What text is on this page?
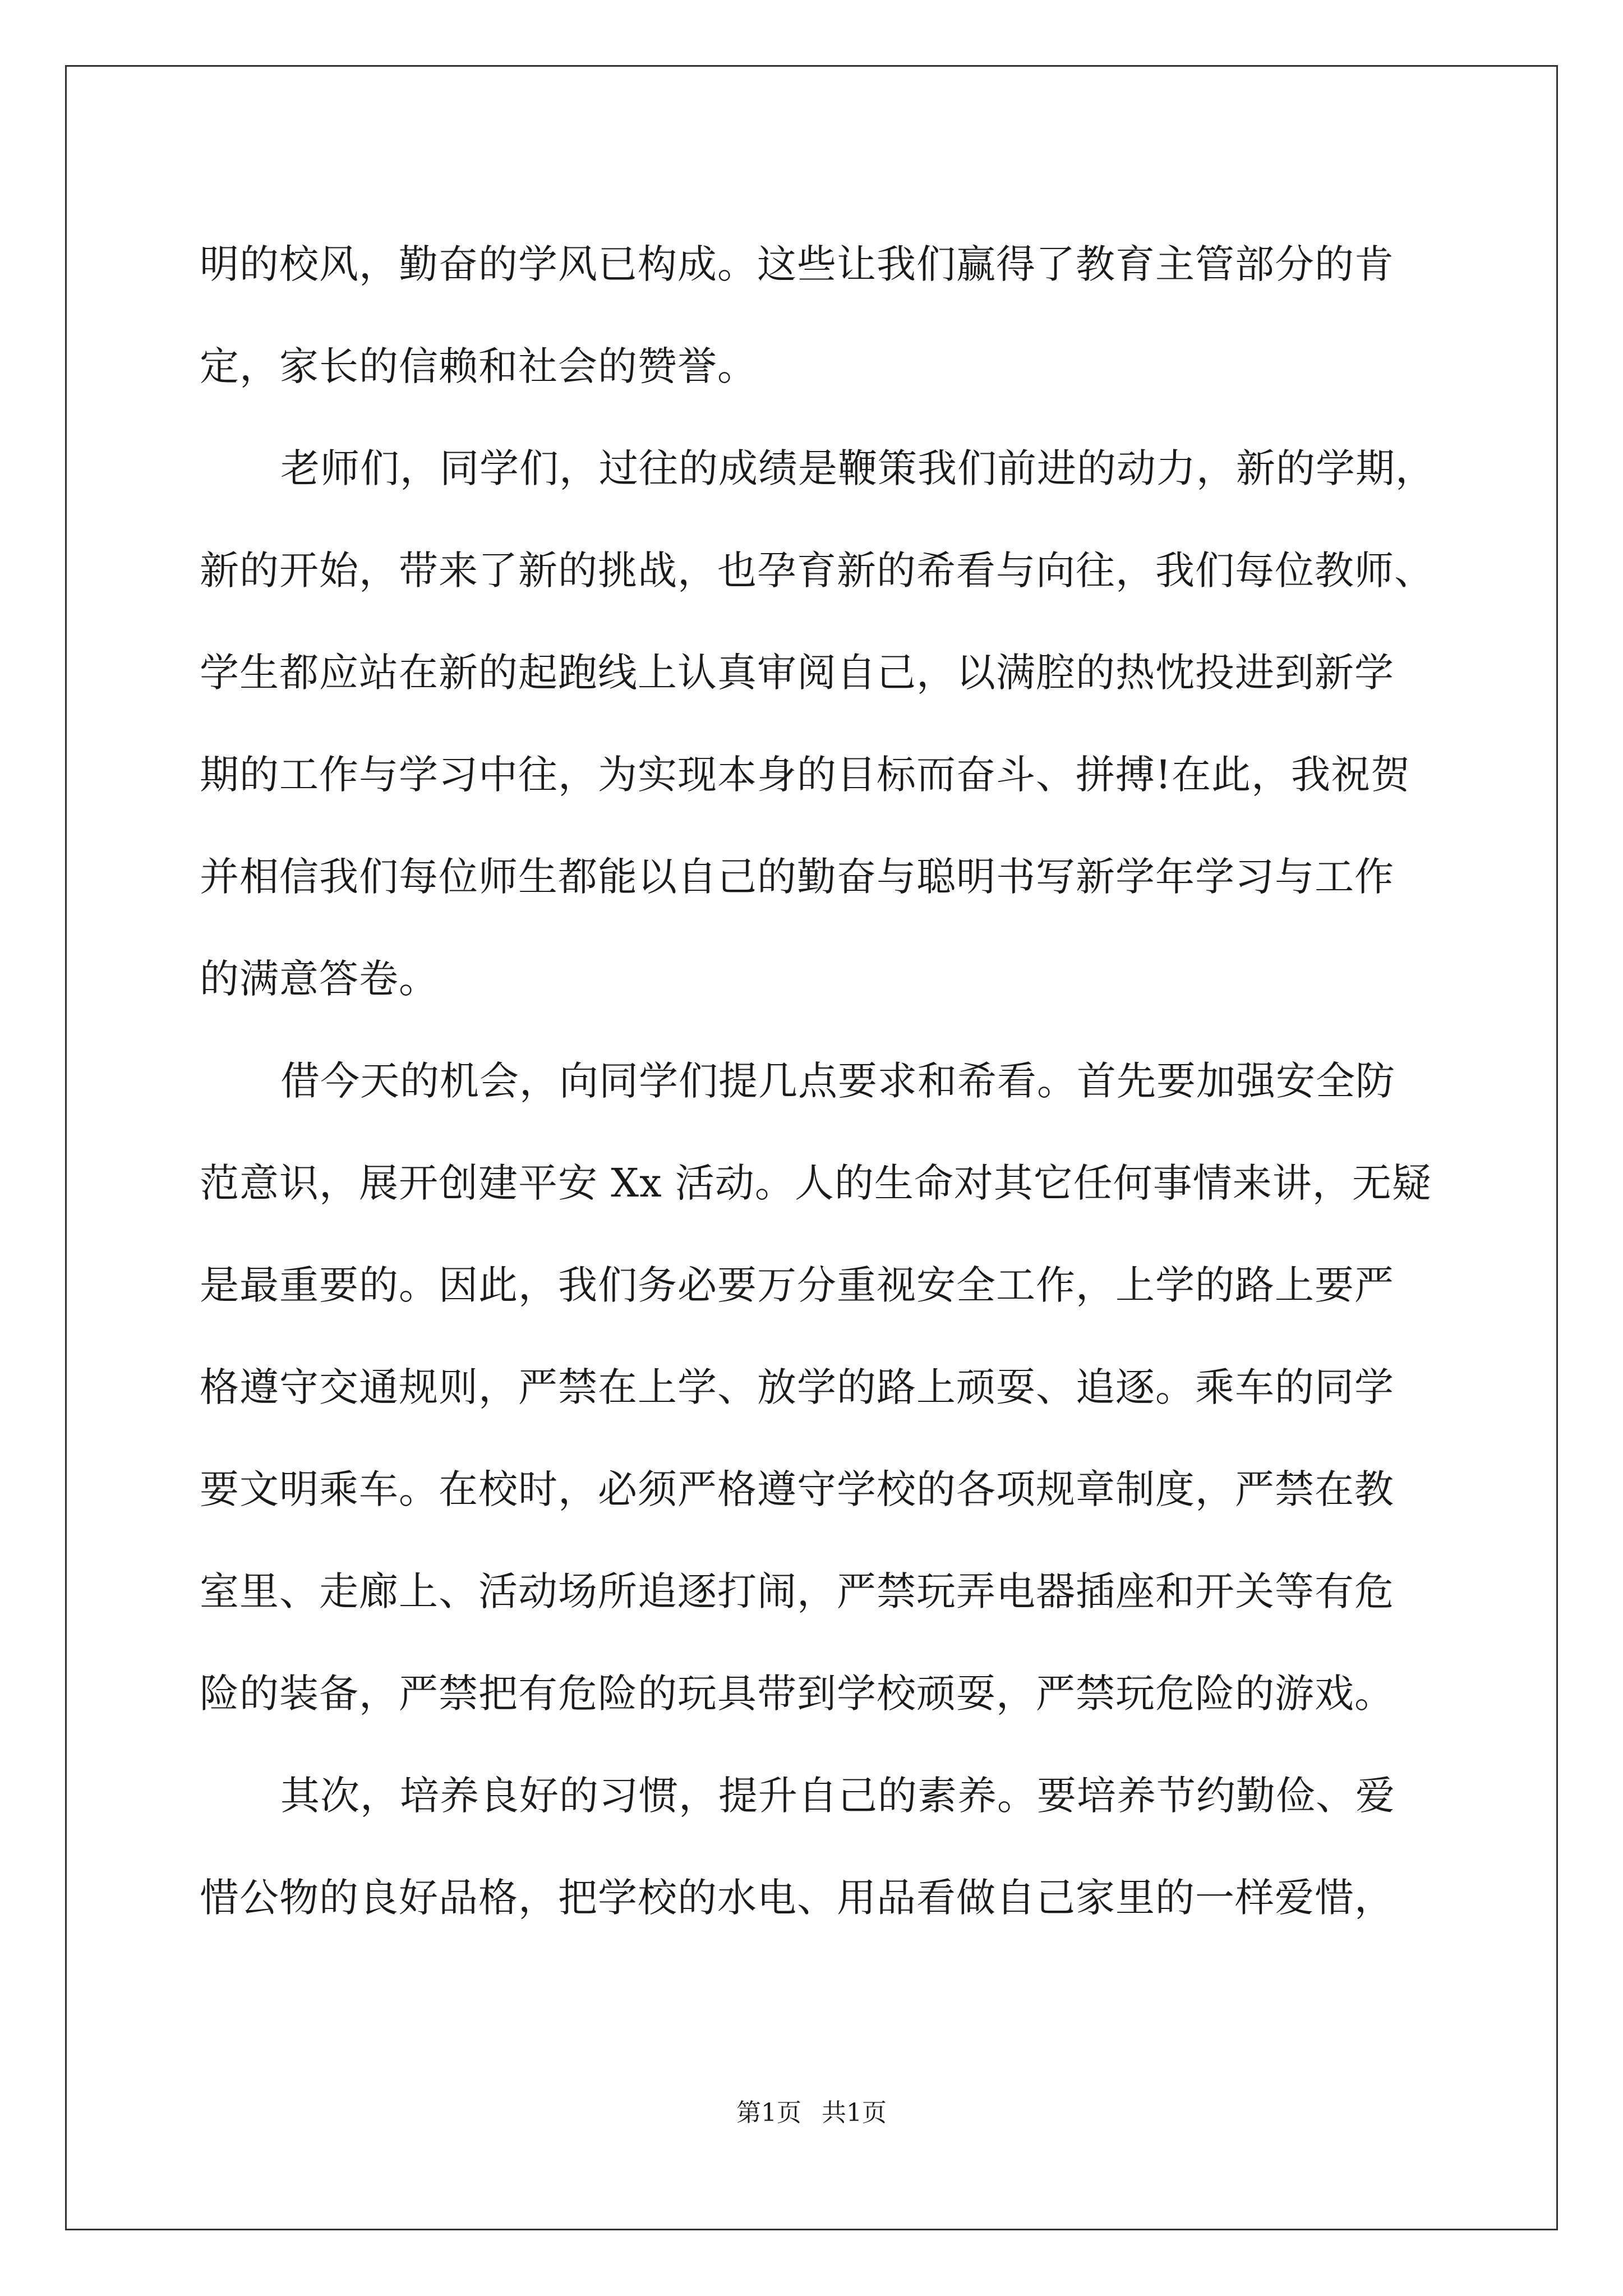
明的校风，勤奋的学风已构成。这些让我们赢得了教育主管部分的肯
定，家长的信赖和社会的赞誉。
老师们，同学们，过往的成绩是鞭策我们前进的动力，新的学期，
新的开始，带来了新的挑战，也孕育新的希看与向往，我们每位教师、
学生都应站在新的起跑线上认真审阅自己，以满腔的热忱投进到新学
期的工作与学习中往，为实现本身的目标而奋斗、拼搏!在此，我祝贺
并相信我们每位师生都能以自己的勤奋与聪明书写新学年学习与工作
的满意答卷。
借今天的机会，向同学们提几点要求和希看。首先要加强安全防
范意识，展开创建平安 Xx 活动。人的生命对其它任何事情来讲，无疑
是最重要的。因此，我们务必要万分重视安全工作，上学的路上要严
格遵守交通规则，严禁在上学、放学的路上顽耍、追逐。乘车的同学
要文明乘车。在校时，必须严格遵守学校的各项规章制度，严禁在教
室里、走廊上、活动场所追逐打闹，严禁玩弄电器插座和开关等有危
险的装备，严禁把有危险的玩具带到学校顽耍，严禁玩危险的游戏。
其次，培养良好的习惯，提升自己的素养。要培养节约勤俭、爱
惜公物的良好品格，把学校的水电、用品看做自己家里的一样爱惜，
第1页 共1页
